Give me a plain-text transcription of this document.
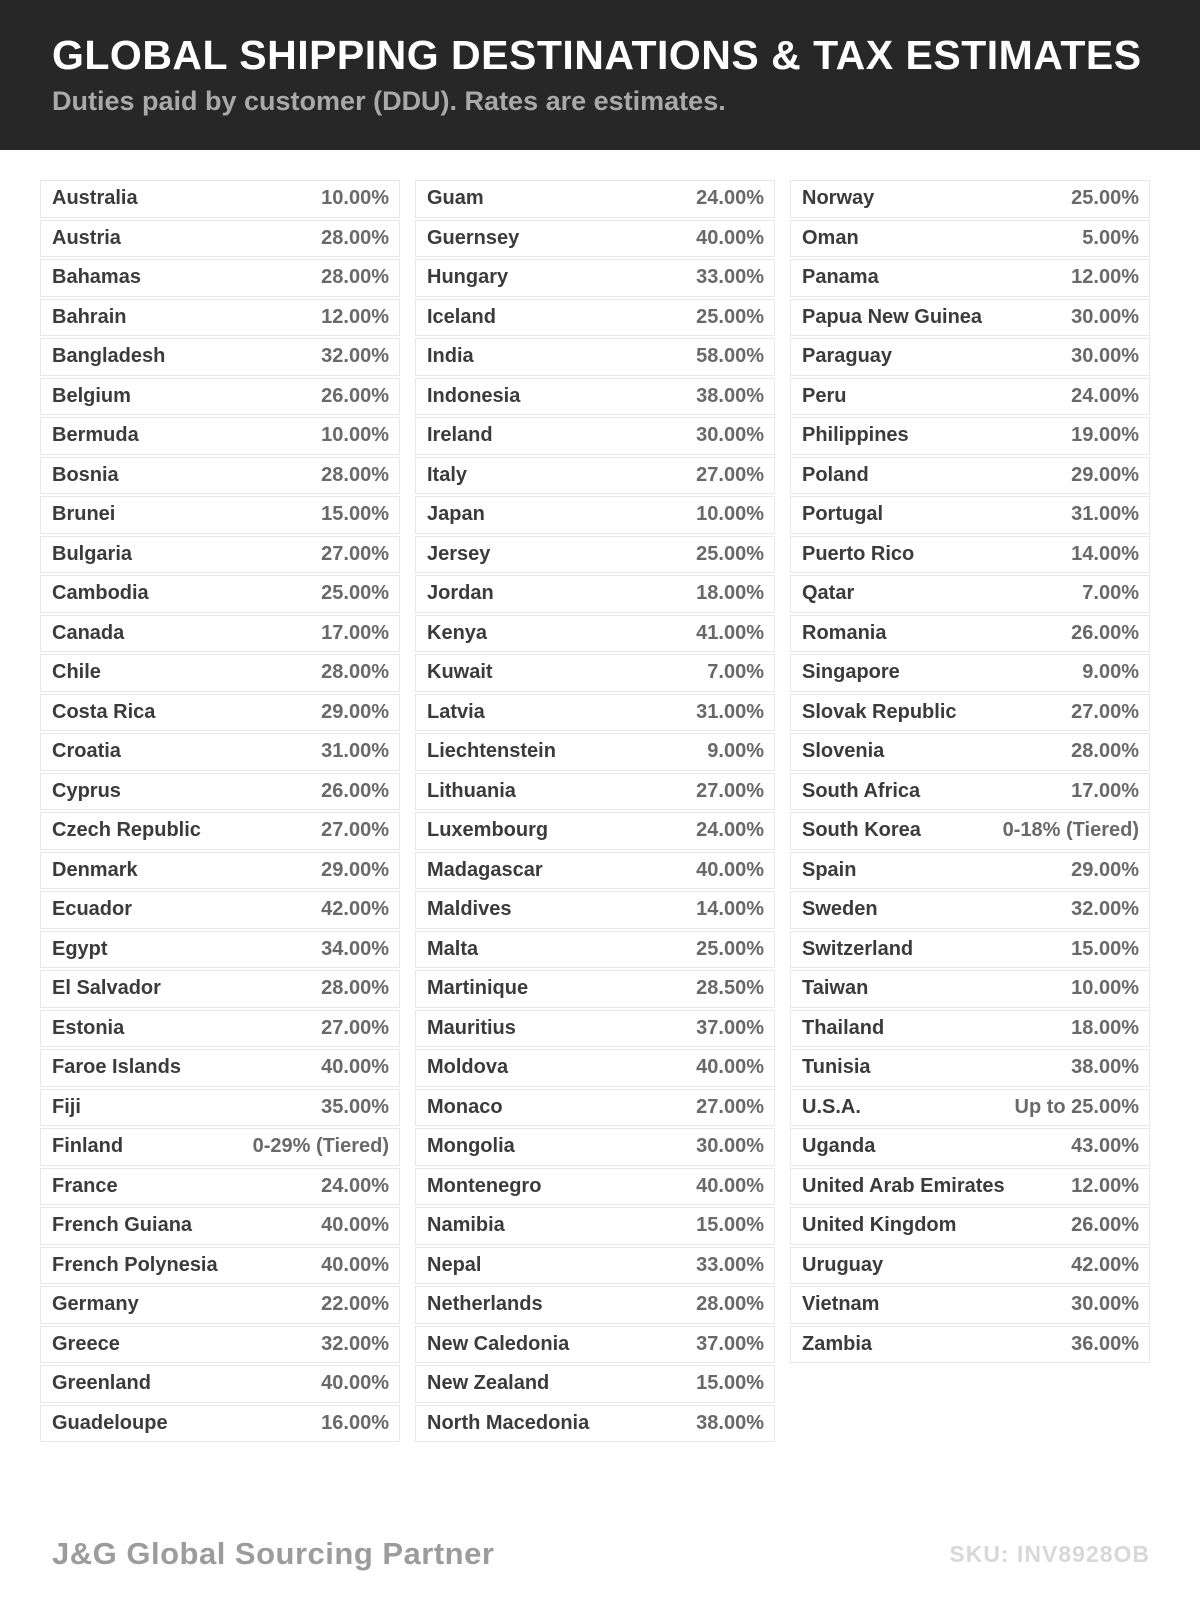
GLOBAL SHIPPING DESTINATIONS & TAX ESTIMATES
Duties paid by customer (DDU). Rates are estimates.
Australia	10.00%
Austria	28.00%
Bahamas	28.00%
Bahrain	12.00%
Bangladesh	32.00%
Belgium	26.00%
Bermuda	10.00%
Bosnia	28.00%
Brunei	15.00%
Bulgaria	27.00%
Cambodia	25.00%
Canada	17.00%
Chile	28.00%
Costa Rica	29.00%
Croatia	31.00%
Cyprus	26.00%
Czech Republic	27.00%
Denmark	29.00%
Ecuador	42.00%
Egypt	34.00%
El Salvador	28.00%
Estonia	27.00%
Faroe Islands	40.00%
Fiji	35.00%
Finland	0-29% (Tiered)
France	24.00%
French Guiana	40.00%
French Polynesia	40.00%
Germany	22.00%
Greece	32.00%
Greenland	40.00%
Guadeloupe	16.00%
Guam	24.00%
Guernsey	40.00%
Hungary	33.00%
Iceland	25.00%
India	58.00%
Indonesia	38.00%
Ireland	30.00%
Italy	27.00%
Japan	10.00%
Jersey	25.00%
Jordan	18.00%
Kenya	41.00%
Kuwait	7.00%
Latvia	31.00%
Liechtenstein	9.00%
Lithuania	27.00%
Luxembourg	24.00%
Madagascar	40.00%
Maldives	14.00%
Malta	25.00%
Martinique	28.50%
Mauritius	37.00%
Moldova	40.00%
Monaco	27.00%
Mongolia	30.00%
Montenegro	40.00%
Namibia	15.00%
Nepal	33.00%
Netherlands	28.00%
New Caledonia	37.00%
New Zealand	15.00%
North Macedonia	38.00%
Norway	25.00%
Oman	5.00%
Panama	12.00%
Papua New Guinea	30.00%
Paraguay	30.00%
Peru	24.00%
Philippines	19.00%
Poland	29.00%
Portugal	31.00%
Puerto Rico	14.00%
Qatar	7.00%
Romania	26.00%
Singapore	9.00%
Slovak Republic	27.00%
Slovenia	28.00%
South Africa	17.00%
South Korea	0-18% (Tiered)
Spain	29.00%
Sweden	32.00%
Switzerland	15.00%
Taiwan	10.00%
Thailand	18.00%
Tunisia	38.00%
U.S.A.	Up to 25.00%
Uganda	43.00%
United Arab Emirates	12.00%
United Kingdom	26.00%
Uruguay	42.00%
Vietnam	30.00%
Zambia	36.00%
J&G Global Sourcing Partner	SKU: INV8928OB
